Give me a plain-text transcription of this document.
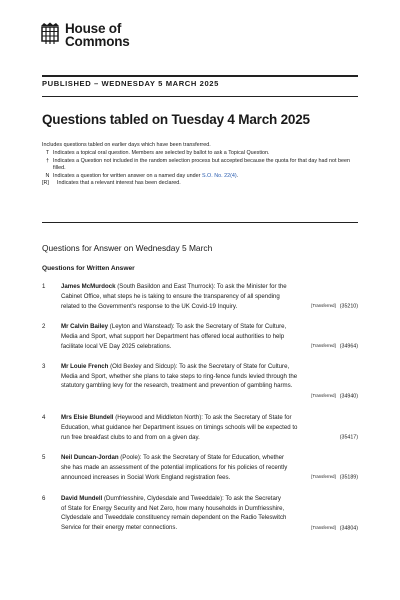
House of
Commons
PUBLISHED – WEDNESDAY 5 MARCH 2025
Questions tabled on Tuesday 4 March 2025
Includes questions tabled on earlier days which have been transferred.
T Indicates a topical oral question. Members are selected by ballot to ask a Topical Question.
† Indicates a Question not included in the random selection process but accepted because the quota for that day had not been filled.
N Indicates a question for written answer on a named day under S.O. No. 22(4).
[R]	Indicates that a relevant interest has been declared.
Questions for Answer on Wednesday 5 March
Questions for Written Answer
1	James McMurdock (South Basildon and East Thurrock): To ask the Minister for the
Cabinet Office, what steps he is taking to ensure the transparency of all spending
related to the Government's response to the UK Covid-19 Inquiry.	[Transferred] (35210)
2	Mr Calvin Bailey (Leyton and Wanstead): To ask the Secretary of State for Culture,
Media and Sport, what support her Department has offered local authorities to help
facilitate local VE Day 2025 celebrations.	[Transferred] (34964)
3	Mr Louie French (Old Bexley and Sidcup): To ask the Secretary of State for Culture,
Media and Sport, whether she plans to take steps to ring-fence funds levied through the
statutory gambling levy for the research, treatment and prevention of gambling harms.
[Transferred] (34940)
4	Mrs Elsie Blundell (Heywood and Middleton North): To ask the Secretary of State for
Education, what guidance her Department issues on timings schools will be expected to
run free breakfast clubs to and from on a given day.	(35417)
5	Neil Duncan-Jordan (Poole): To ask the Secretary of State for Education, whether
she has made an assessment of the potential implications for his policies of recently
announced increases in Social Work England registration fees.	[Transferred] (35189)
6	David Mundell (Dumfriesshire, Clydesdale and Tweeddale): To ask the Secretary
of State for Energy Security and Net Zero, how many households in Dumfriesshire,
Clydesdale and Tweeddale constituency remain dependent on the Radio Teleswitch
Service for their energy meter connections.	[Transferred] (34804)
